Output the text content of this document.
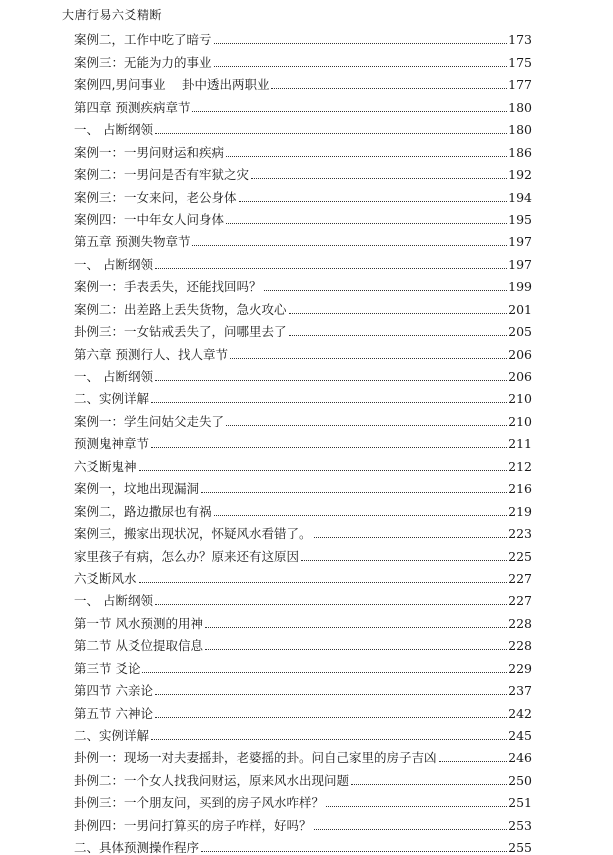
大唐行易六爻精断
案例二，工作中吃了暗亏	173
案例三：无能为力的事业	175
案例四,男问事业 　卦中透出两职业	177
第四章 预测疾病章节	180
一、 占断纲领	180
案例一：一男问财运和疾病	186
案例二：一男问是否有牢狱之灾	192
案例三：一女来问，老公身体	194
案例四：一中年女人问身体	195
第五章 预测失物章节	197
一、 占断纲领	197
案例一：手表丢失，还能找回吗？	199
案例二：出差路上丢失货物，急火攻心	201
卦例三：一女钻戒丢失了，问哪里去了	205
第六章 预测行人、找人章节	206
一、 占断纲领	206
二、实例详解	210
案例一：学生问姑父走失了	210
预测鬼神章节	211
六爻断鬼神	212
案例一，坟地出现漏洞	216
案例二，路边撒尿也有祸	219
案例三，搬家出现状况，怀疑风水看错了。	223
家里孩子有病，怎么办？原来还有这原因	225
六爻断风水	227
一、 占断纲领	227
第一节 风水预测的用神	228
第二节 从爻位提取信息	228
第三节 爻论	229
第四节 六亲论	237
第五节 六神论	242
二、实例详解	245
卦例一：现场一对夫妻摇卦，老婆摇的卦。问自己家里的房子吉凶	246
卦例二：一个女人找我问财运，原来风水出现问题	250
卦例三：一个朋友问，买到的房子风水咋样？	251
卦例四：一男问打算买的房子咋样，好吗？	253
二、具体预测操作程序	255
